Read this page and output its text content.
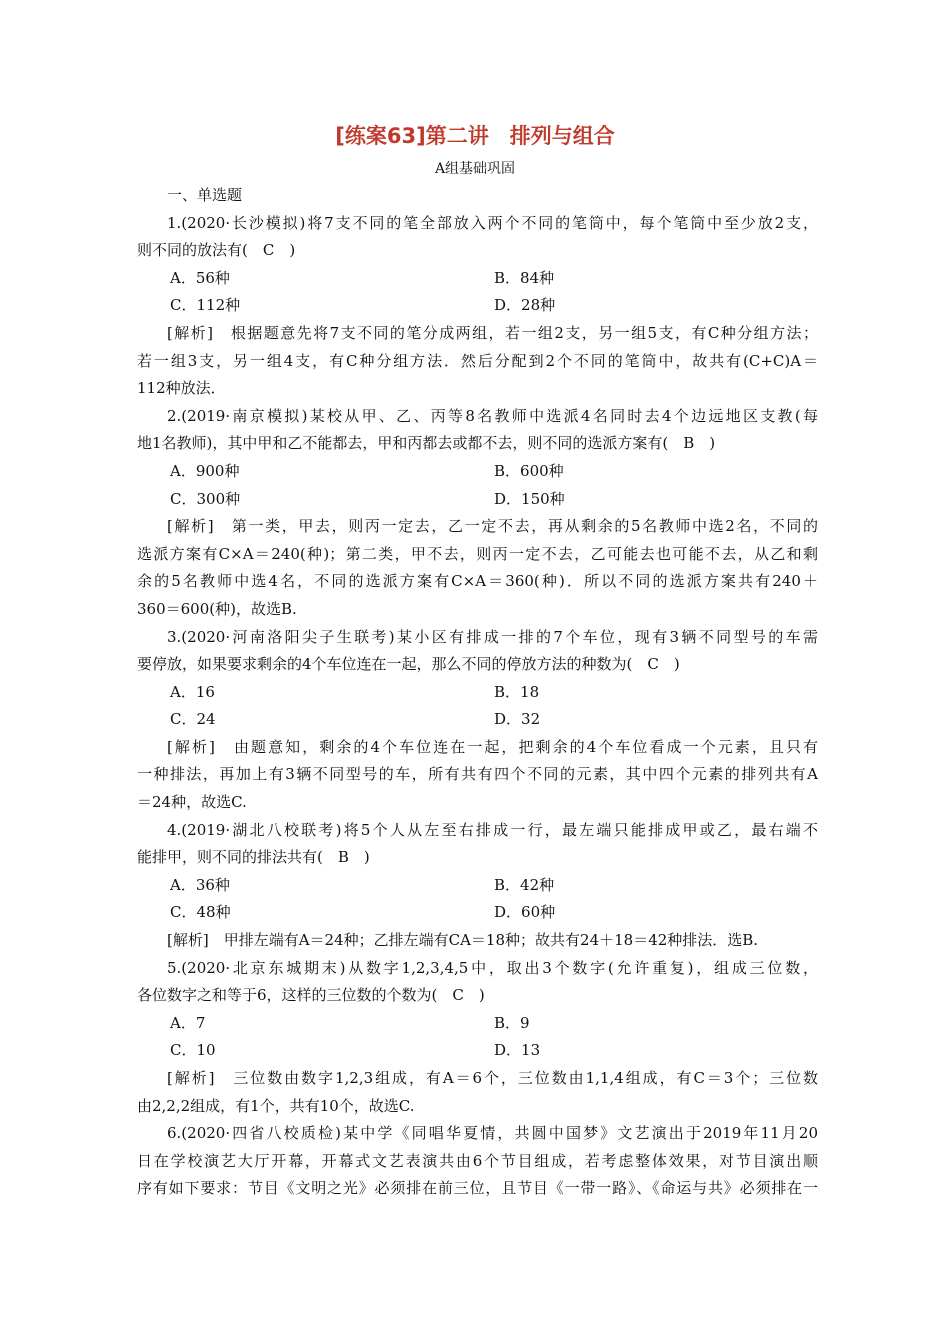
[练案63]第二讲　排列与组合
A组基础巩固
一、单选题
1.(2020·长沙模拟)将7支不同的笔全部放入两个不同的笔筒中，每个笔筒中至少放2支，
则不同的放法有(　C　)
A．56种	B．84种
C．112种	D．28种
[解析]　根据题意先将7支不同的笔分成两组，若一组2支，另一组5支，有C种分组方法；
若一组3支，另一组4支，有C种分组方法．然后分配到2个不同的笔筒中，故共有(C+C)A＝
112种放法．
2.(2019·南京模拟)某校从甲、乙、丙等8名教师中选派4名同时去4个边远地区支教(每
地1名教师)，其中甲和乙不能都去，甲和丙都去或都不去，则不同的选派方案有(　B　)
A．900种	B．600种
C．300种	D．150种
[解析]　第一类，甲去，则丙一定去，乙一定不去，再从剩余的5名教师中选2名，不同的
选派方案有C×A＝240(种)；第二类，甲不去，则丙一定不去，乙可能去也可能不去，从乙和剩
余的5名教师中选4名，不同的选派方案有C×A＝360(种)．所以不同的选派方案共有240＋
360＝600(种)，故选B.
3.(2020·河南洛阳尖子生联考)某小区有排成一排的7个车位，现有3辆不同型号的车需
要停放，如果要求剩余的4个车位连在一起，那么不同的停放方法的种数为(　C　)
A．16	B．18
C．24	D．32
[解析]　由题意知，剩余的4个车位连在一起，把剩余的4个车位看成一个元素，且只有
一种排法，再加上有3辆不同型号的车，所有共有四个不同的元素，其中四个元素的排列共有A
＝24种，故选C.
4.(2019·湖北八校联考)将5个人从左至右排成一行，最左端只能排成甲或乙，最右端不
能排甲，则不同的排法共有(　B　)
A．36种	B．42种
C．48种	D．60种
[解析]　甲排左端有A＝24种；乙排左端有CA＝18种；故共有24＋18＝42种排法．选B.
5.(2020·北京东城期末)从数字1,2,3,4,5中，取出3个数字(允许重复)，组成三位数，
各位数字之和等于6，这样的三位数的个数为(　C　)
A．7	B．9
C．10	D．13
[解析]　三位数由数字1,2,3组成，有A＝6个，三位数由1,1,4组成，有C＝3个；三位数
由2,2,2组成，有1个，共有10个，故选C.
6.(2020·四省八校质检)某中学《同唱华夏情，共圆中国梦》文艺演出于2019年11月20
日在学校演艺大厅开幕，开幕式文艺表演共由6个节目组成，若考虑整体效果，对节目演出顺
序有如下要求：节目《文明之光》必须排在前三位，且节目《一带一路》、《命运与共》必须排在一
